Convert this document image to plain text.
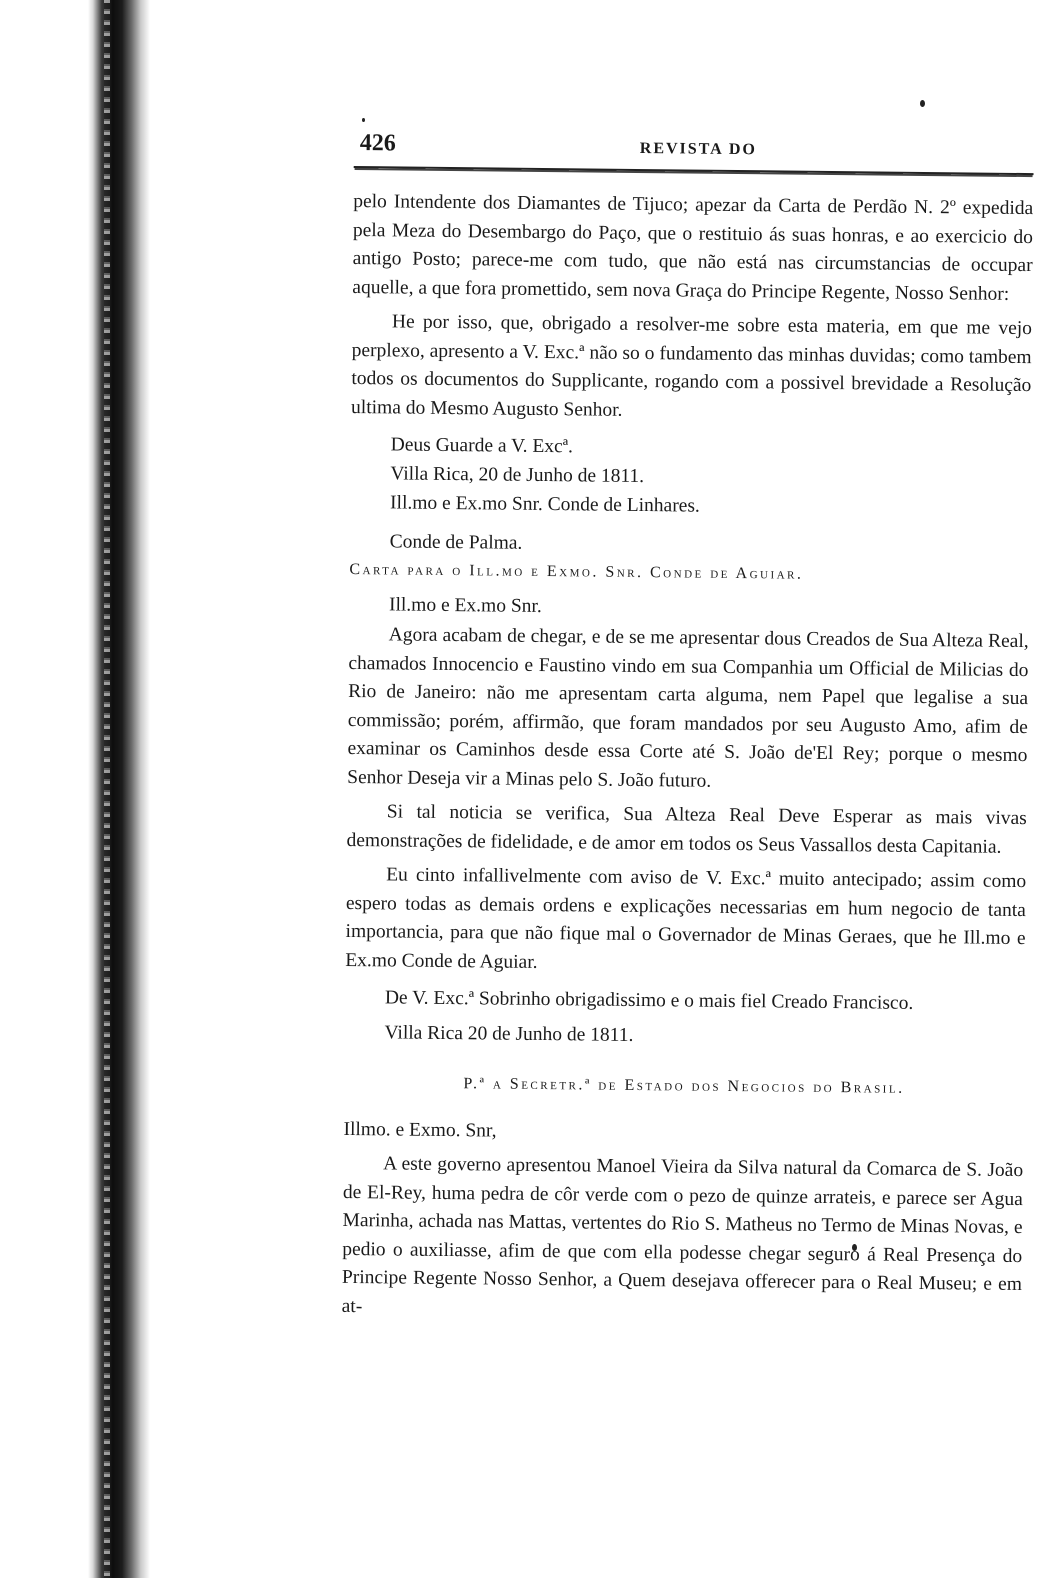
426	REVISTA DO

pelo Intendente dos Diamantes de Tijuco; apezar da Carta de Perdão N. 2º expedida pela Meza do Desembargo do Paço, que o restituio ás suas honras, e ao exercicio do antigo Posto; parece-me com tudo, que não está nas circumstancias de occupar aquelle, a que fora promettido, sem nova Graça do Principe Regente, Nosso Senhor:

He por isso, que, obrigado a resolver-me sobre esta materia, em que me vejo perplexo, apresento a V. Exc.ª não so o fundamento das minhas duvidas; como tambem todos os documentos do Supplicante, rogando com a possivel brevidade a Resolução ultima do Mesmo Augusto Senhor.

Deus Guarde a V. Excª.

Villa Rica, 20 de Junho de 1811.

Ill.mo e Ex.mo Snr. Conde de Linhares.

Conde de Palma.

Carta para o Ill.mo e Exmo. Snr. Conde de Aguiar.

Ill.mo e Ex.mo Snr.

Agora acabam de chegar, e de se me apresentar dous Creados de Sua Alteza Real, chamados Innocencio e Faustino vindo em sua Companhia um Official de Milicias do Rio de Janeiro: não me apresentam carta alguma, nem Papel que legalise a sua commissão; porém, affirmão, que foram mandados por seu Augusto Amo, afim de examinar os Caminhos desde essa Corte até S. João de'El Rey; porque o mesmo Senhor Deseja vir a Minas pelo S. João futuro.

Si tal noticia se verifica, Sua Alteza Real Deve Esperar as mais vivas demonstrações de fidelidade, e de amor em todos os Seus Vassallos desta Capitania.

Eu cinto infallivelmente com aviso de V. Exc.ª muito antecipado; assim como espero todas as demais ordens e explicações necessarias em hum negocio de tanta importancia, para que não fique mal o Governador de Minas Geraes, que he Ill.mo e Ex.mo Conde de Aguiar.

De V. Exc.ª Sobrinho obrigadissimo e o mais fiel Creado Francisco.

Villa Rica 20 de Junho de 1811.

P.ª a Secretr.ª de Estado dos Negocios do Brasil.

Illmo. e Exmo. Snr,

A este governo apresentou Manoel Vieira da Silva natural da Comarca de S. João de El-Rey, huma pedra de côr verde com o pezo de quinze arrateis, e parece ser Agua Marinha, achada nas Mattas, vertentes do Rio S. Matheus no Termo de Minas Novas, e pedio o auxiliasse, afim de que com ella podesse chegar seguro á Real Presença do Principe Regente Nosso Senhor, a Quem desejava offerecer para o Real Museu; e em at-
